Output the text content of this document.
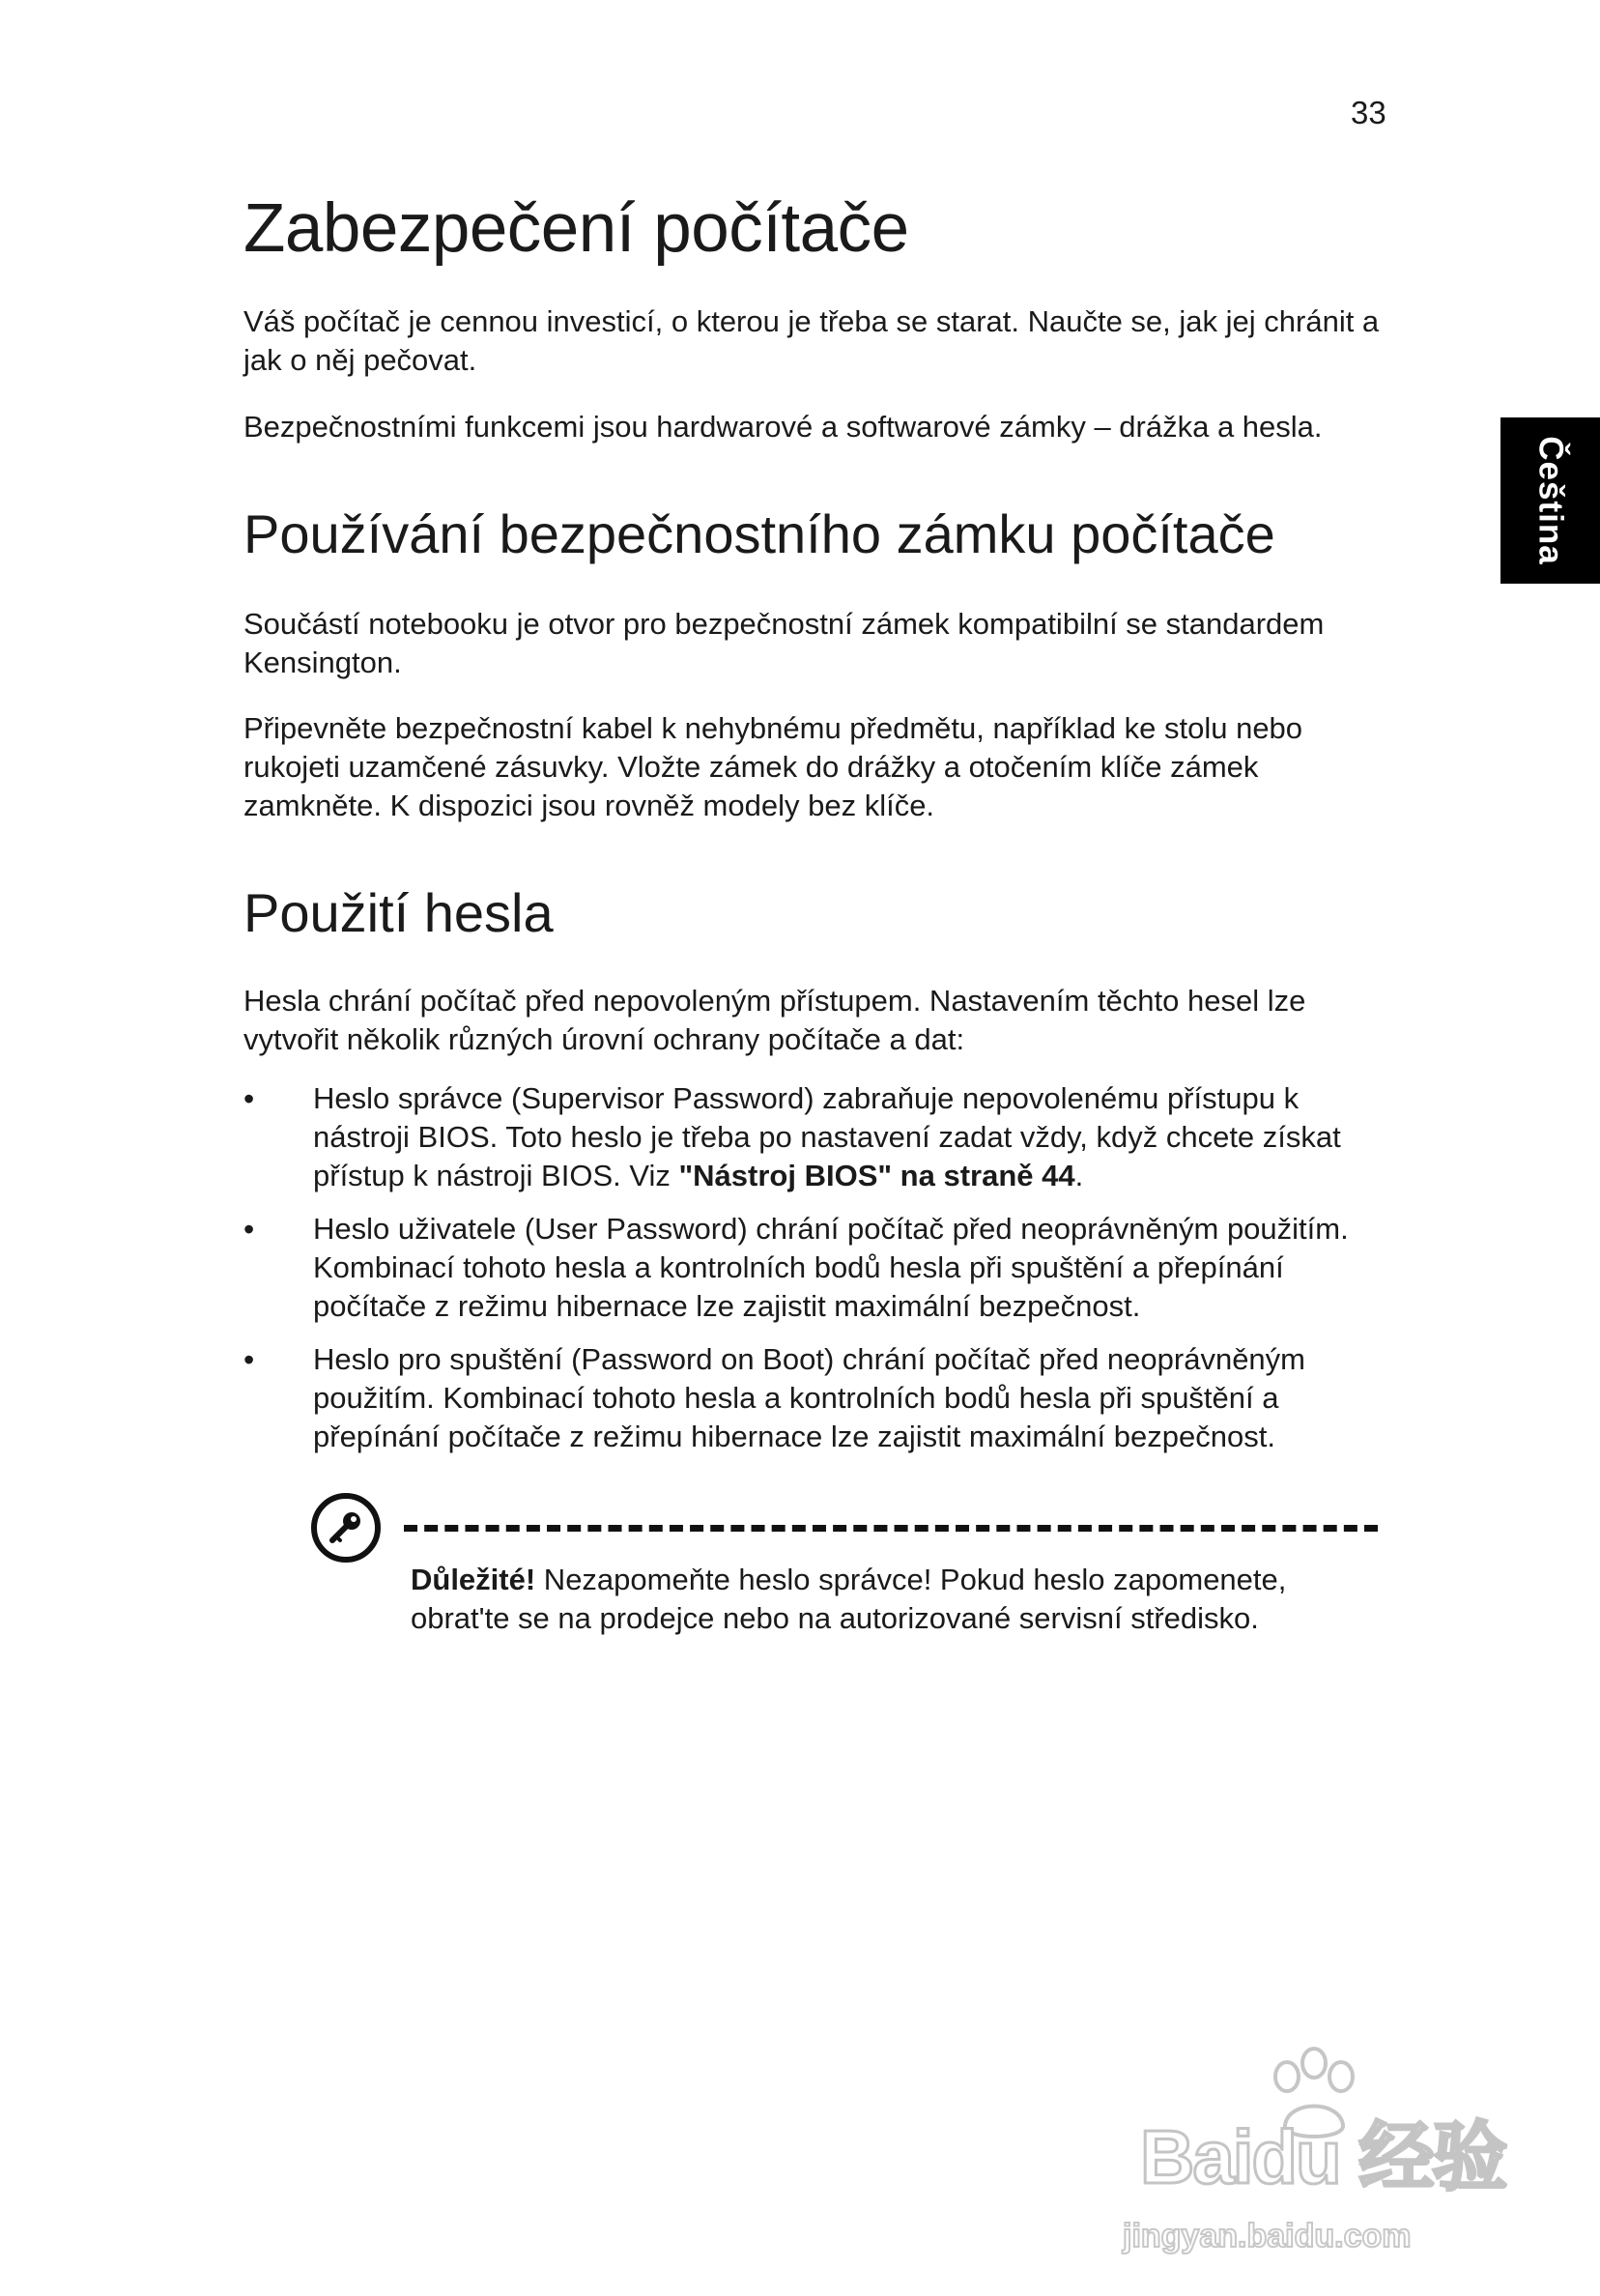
33
Čeština
Zabezpečení počítače

Váš počítač je cennou investicí, o kterou je třeba se starat. Naučte se, jak jej chránit a jak o něj pečovat.

Bezpečnostními funkcemi jsou hardwarové a softwarové zámky – drážka a hesla.

Používání bezpečnostního zámku počítače

Součástí notebooku je otvor pro bezpečnostní zámek kompatibilní se standardem Kensington.

Připevněte bezpečnostní kabel k nehybnému předmětu, například ke stolu nebo rukojeti uzamčené zásuvky. Vložte zámek do drážky a otočením klíče zámek zamkněte. K dispozici jsou rovněž modely bez klíče.

Použití hesla

Hesla chrání počítač před nepovoleným přístupem. Nastavením těchto hesel lze vytvořit několik různých úrovní ochrany počítače a dat:

• Heslo správce (Supervisor Password) zabraňuje nepovolenému přístupu k nástroji BIOS. Toto heslo je třeba po nastavení zadat vždy, když chcete získat přístup k nástroji BIOS. Viz "Nástroj BIOS" na straně 44.
• Heslo uživatele (User Password) chrání počítač před neoprávněným použitím. Kombinací tohoto hesla a kontrolních bodů hesla při spuštění a přepínání počítače z režimu hibernace lze zajistit maximální bezpečnost.
• Heslo pro spuštění (Password on Boot) chrání počítač před neoprávněným použitím. Kombinací tohoto hesla a kontrolních bodů hesla při spuštění a přepínání počítače z režimu hibernace lze zajistit maximální bezpečnost.
Důležité! Nezapomeňte heslo správce! Pokud heslo zapomenete, obrat'te se na prodejce nebo na autorizované servisní středisko.
Baidu 经验
jingyan.baidu.com
